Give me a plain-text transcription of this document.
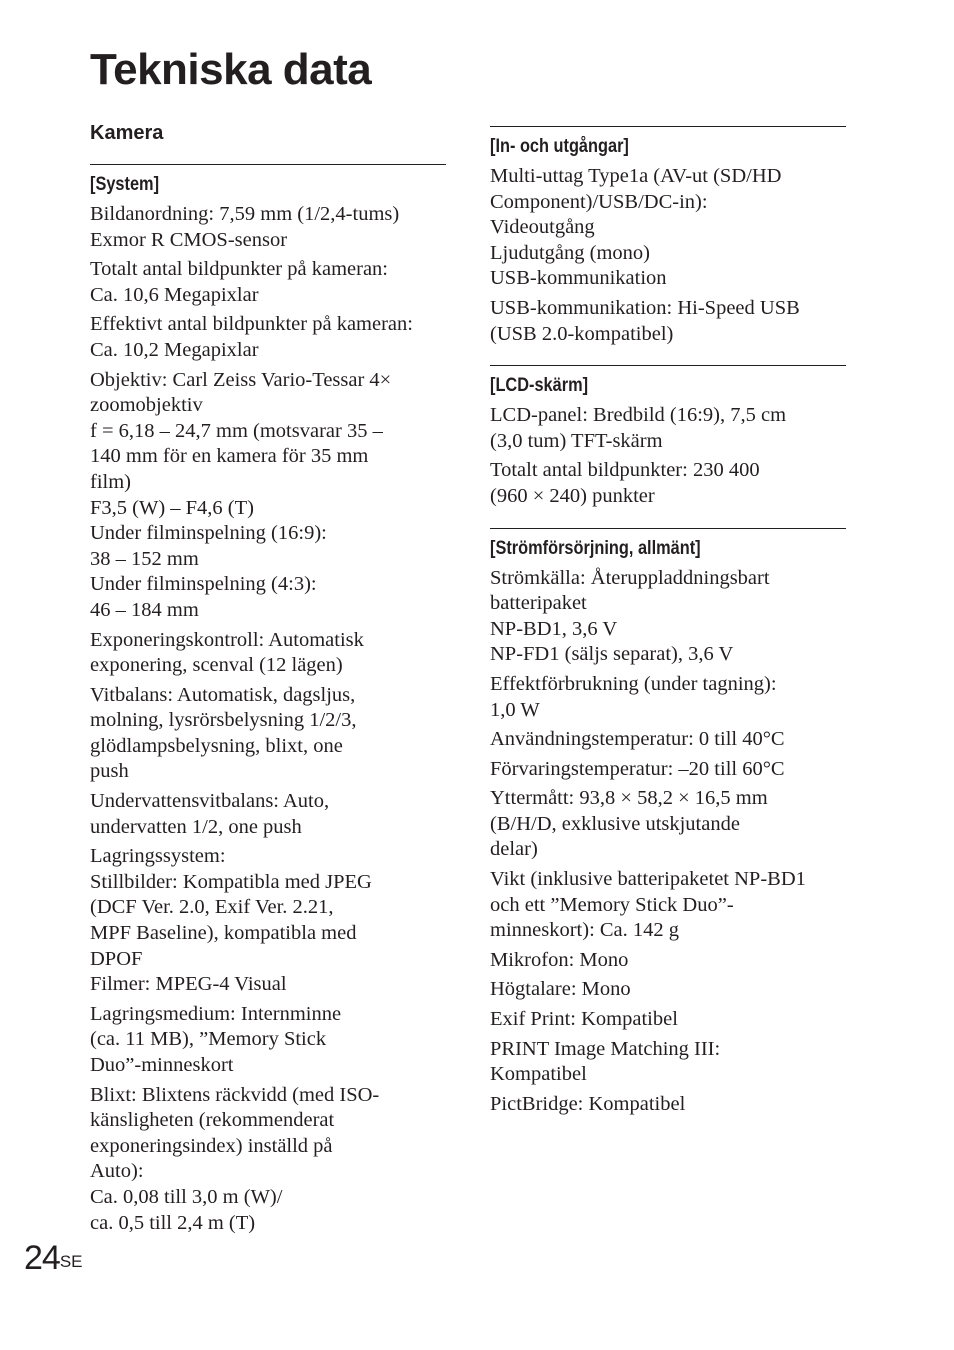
Tekniska data
Kamera
[System]
Bildanordning: 7,59 mm (1/2,4-tums)
Exmor R CMOS-sensor
Totalt antal bildpunkter på kameran:
Ca. 10,6 Megapixlar
Effektivt antal bildpunkter på kameran:
Ca. 10,2 Megapixlar
Objektiv: Carl Zeiss Vario-Tessar 4×
zoomobjektiv
f = 6,18 – 24,7 mm (motsvarar 35 –
140 mm för en kamera för 35 mm
film)
F3,5 (W) – F4,6 (T)
Under filminspelning (16:9):
38 – 152 mm
Under filminspelning (4:3):
46 – 184 mm
Exponeringskontroll: Automatisk
exponering, scenval (12 lägen)
Vitbalans: Automatisk, dagsljus,
molning, lysrörsbelysning 1/2/3,
glödlampsbelysning, blixt, one
push
Undervattensvitbalans: Auto,
undervatten 1/2, one push
Lagringssystem:
Stillbilder: Kompatibla med JPEG
(DCF Ver. 2.0, Exif Ver. 2.21,
MPF Baseline), kompatibla med
DPOF
Filmer: MPEG-4 Visual
Lagringsmedium: Internminne
(ca. 11 MB), ”Memory Stick
Duo”-minneskort
Blixt: Blixtens räckvidd (med ISO-
känsligheten (rekommenderat
exponeringsindex) inställd på
Auto):
Ca. 0,08 till 3,0 m (W)/
ca. 0,5 till 2,4 m (T)
[In- och utgångar]
Multi-uttag Type1a (AV-ut (SD/HD
Component)/USB/DC-in):
Videoutgång
Ljudutgång (mono)
USB-kommunikation
USB-kommunikation: Hi-Speed USB
(USB 2.0-kompatibel)
[LCD-skärm]
LCD-panel: Bredbild (16:9), 7,5 cm
(3,0 tum) TFT-skärm
Totalt antal bildpunkter: 230 400
(960 × 240) punkter
[Strömförsörjning, allmänt]
Strömkälla: Återuppladdningsbart
batteripaket
NP-BD1, 3,6 V
NP-FD1 (säljs separat), 3,6 V
Effektförbrukning (under tagning):
1,0 W
Användningstemperatur: 0 till 40°C
Förvaringstemperatur: –20 till 60°C
Yttermått: 93,8 × 58,2 × 16,5 mm
(B/H/D, exklusive utskjutande
delar)
Vikt (inklusive batteripaketet NP-BD1
och ett ”Memory Stick Duo”-
minneskort): Ca. 142 g
Mikrofon: Mono
Högtalare: Mono
Exif Print: Kompatibel
PRINT Image Matching III:
Kompatibel
PictBridge: Kompatibel
$24^{SE}$
